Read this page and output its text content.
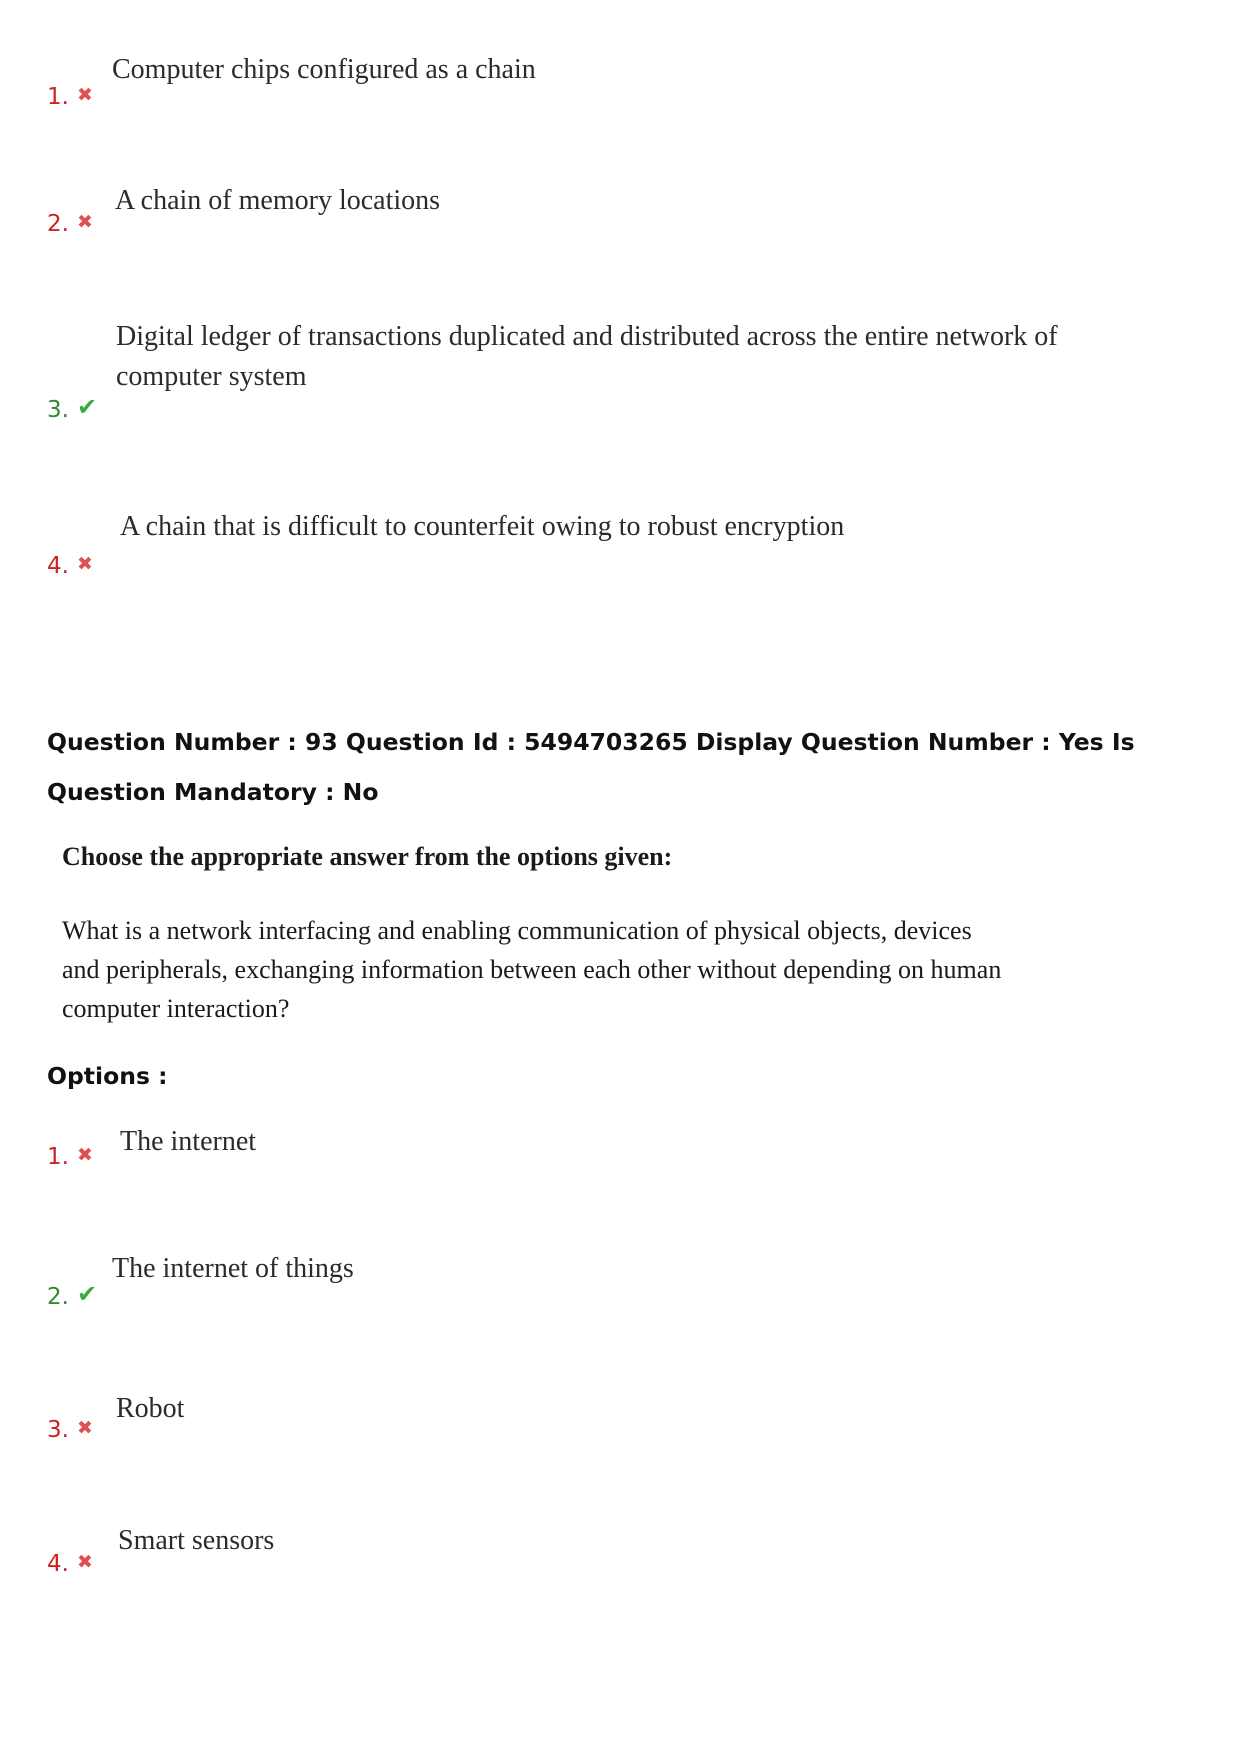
1. ✖
Computer chips configured as a chain
2. ✖
A chain of memory locations
3. ✔
Digital ledger of transactions duplicated and distributed across the entire network of
computer system
4. ✖
A chain that is difficult to counterfeit owing to robust encryption
Question Number : 93 Question Id : 5494703265 Display Question Number : Yes Is Question Mandatory : No
Choose the appropriate answer from the options given:
What is a network interfacing and enabling communication of physical objects, devices
and peripherals, exchanging information between each other without depending on human
computer interaction?
Options :
1. ✖ The internet
2. ✔
The internet of things
3. ✖
Robot
4. ✖
Smart sensors
